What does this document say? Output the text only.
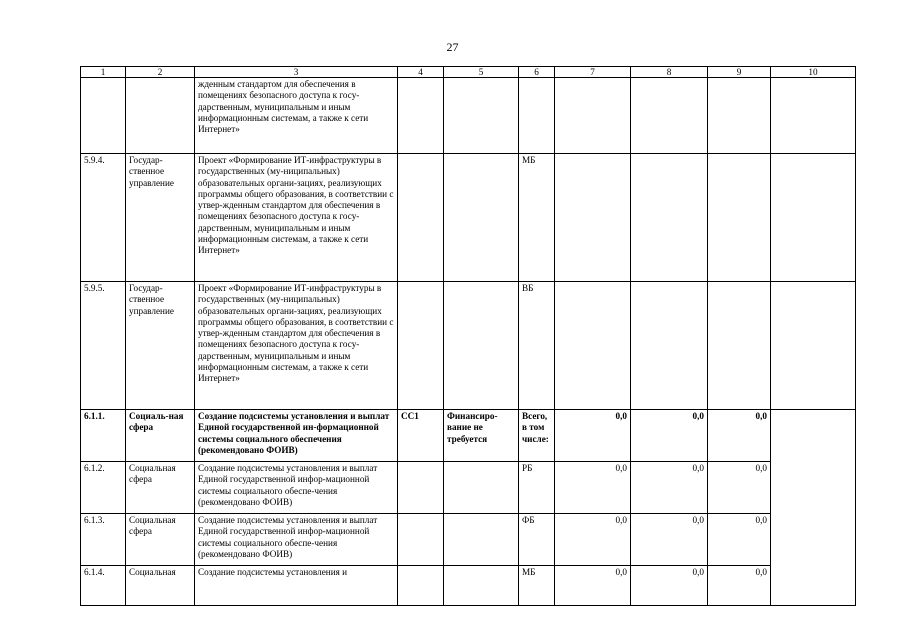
27
1	2	3	4	5	6	7	8	9	10
		жденным стандартом для обеспечения в помещениях безопасного доступа к госу-дарственным, муниципальным и иным информационным системам, а также к сети Интернет»							
5.9.4.	Государ-ственное управление	Проект «Формирование ИТ-инфраструктуры в государственных (му-ниципальных) образовательных органи-зациях, реализующих программы общего образования, в соответствии с утвер-жденным стандартом для обеспечения в помещениях безопасного доступа к госу-дарственным, муниципальным и иным информационным системам, а также к сети Интернет»			МБ				
5.9.5.	Государ-ственное управление	Проект «Формирование ИТ-инфраструктуры в государственных (му-ниципальных) образовательных органи-зациях, реализующих программы общего образования, в соответствии с утвер-жденным стандартом для обеспечения в помещениях безопасного доступа к госу-дарственным, муниципальным и иным информационным системам, а также к сети Интернет»			ВБ				
6.1.1.	Социаль-ная сфера	Создание подсистемы установления и выплат Единой государственной ин-формационной системы социального обеспечения (рекомендовано ФОИВ)	СС1	Финансиро-вание не требуется	Всего, в том числе:	0,0	0,0	0,0	
6.1.2.	Социальная сфера	Создание подсистемы установления и выплат Единой государственной инфор-мационной системы социального обеспе-чения (рекомендовано ФОИВ)			РБ	0,0	0,0	0,0	
6.1.3.	Социальная сфера	Создание подсистемы установления и выплат Единой государственной инфор-мационной системы социального обеспе-чения (рекомендовано ФОИВ)			ФБ	0,0	0,0	0,0	
6.1.4.	Социальная	Создание подсистемы установления и			МБ	0,0	0,0	0,0	
